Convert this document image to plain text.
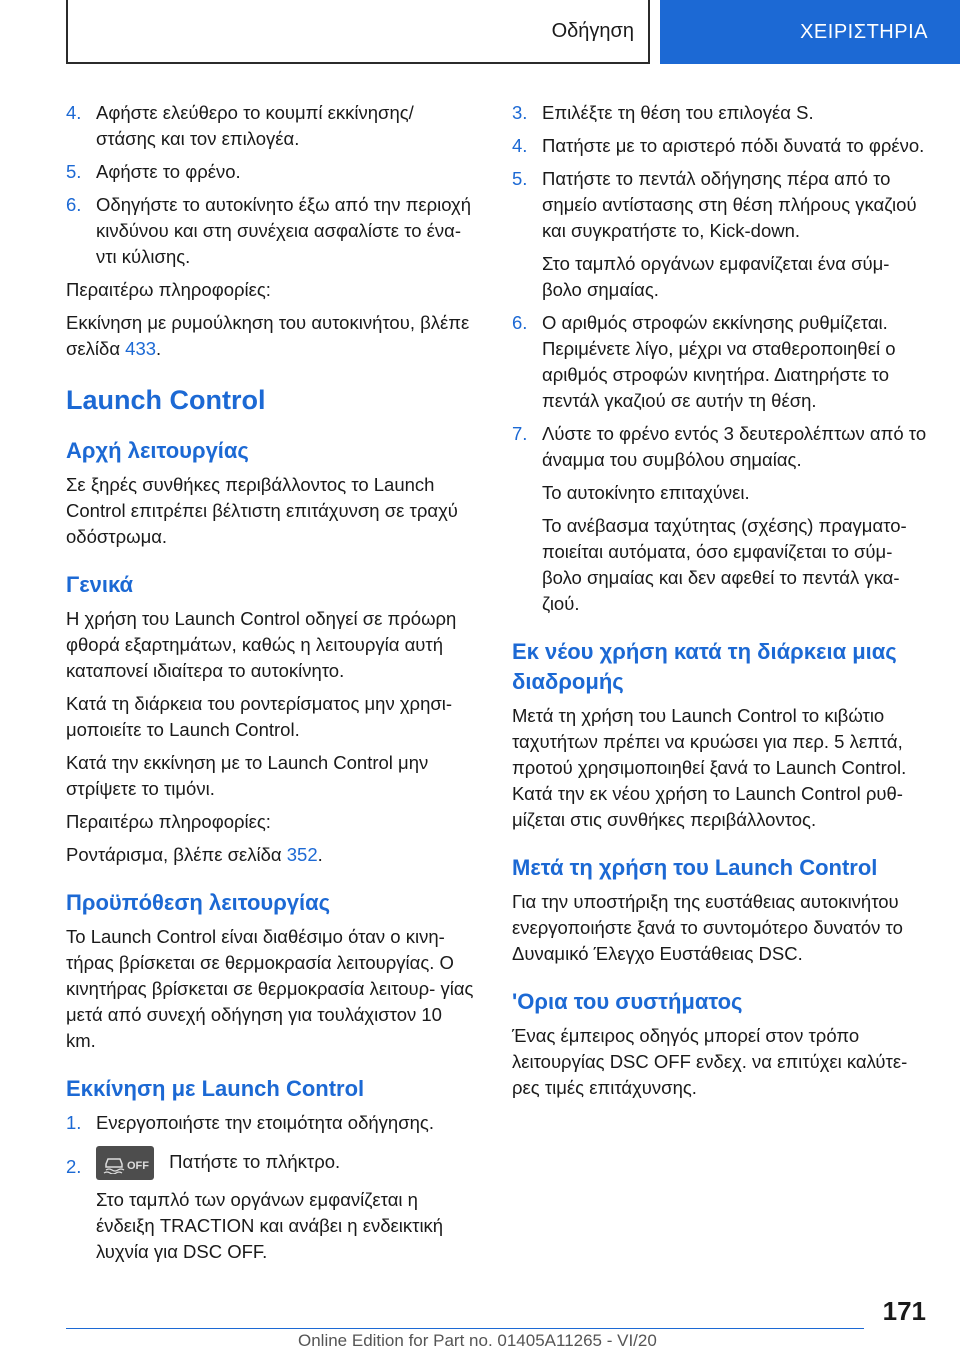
Οδήγηση	ΧΕΙΡΙΣΤΗΡΙΑ
4. Αφήστε ελεύθερο το κουμπί εκκίνησης/ στάσης και τον επιλογέα.
5. Αφήστε το φρένο.
6. Οδηγήστε το αυτοκίνητο έξω από την περιοχή κινδύνου και στη συνέχεια ασφαλίστε το ένα- ντι κύλισης.

Περαιτέρω πληροφορίες:

Εκκίνηση με ρυμούλκηση του αυτοκινήτου, βλέπε σελίδα 433.

Launch Control
Αρχή λειτουργίας

Σε ξηρές συνθήκες περιβάλλοντος το Launch Control επιτρέπει βέλτιστη επιτάχυνση σε τραχύ οδόστρωμα.

Γενικά

Η χρήση του Launch Control οδηγεί σε πρόωρη φθορά εξαρτημάτων, καθώς η λειτουργία αυτή καταπονεί ιδιαίτερα το αυτοκίνητο.

Κατά τη διάρκεια του ροντερίσματος μην χρησι- μοποιείτε το Launch Control.

Κατά την εκκίνηση με το Launch Control μην στρίψετε το τιμόνι.

Περαιτέρω πληροφορίες:

Ροντάρισμα, βλέπε σελίδα 352.

Προϋπόθεση λειτουργίας

Το Launch Control είναι διαθέσιμο όταν ο κινη- τήρας βρίσκεται σε θερμοκρασία λειτουργίας. Ο κινητήρας βρίσκεται σε θερμοκρασία λειτουρ- γίας μετά από συνεχή οδήγηση για τουλάχιστον 10 km.

Εκκίνηση με Launch Control
1. Ενεργοποιήστε την ετοιμότητα οδήγησης.
2.	OFF Πατήστε το πλήκτρο.

Στο ταμπλό των οργάνων εμφανίζεται η ένδειξη TRACTION και ανάβει η ενδεικτική λυχνία για DSC OFF.

3. Επιλέξτε τη θέση του επιλογέα S.
4. Πατήστε με το αριστερό πόδι δυνατά το φρένο.
5. Πατήστε το πεντάλ οδήγησης πέρα από το σημείο αντίστασης στη θέση πλήρους γκαζιού και συγκρατήστε το, Kick-down.

Στο ταμπλό οργάνων εμφανίζεται ένα σύμ- βολο σημαίας.

6. Ο αριθμός στροφών εκκίνησης ρυθμίζεται. Περιμένετε λίγο, μέχρι να σταθεροποιηθεί ο αριθμός στροφών κινητήρα. Διατηρήστε το πεντάλ γκαζιού σε αυτήν τη θέση.
7. Λύστε το φρένο εντός 3 δευτερολέπτων από το άναμμα του συμβόλου σημαίας.

Το αυτοκίνητο επιταχύνει.

Το ανέβασμα ταχύτητας (σχέσης) πραγματο- ποιείται αυτόματα, όσο εμφανίζεται το σύμ- βολο σημαίας και δεν αφεθεί το πεντάλ γκα- ζιού.

Εκ νέου χρήση κατά τη διάρκεια μιας διαδρομής

Μετά τη χρήση του Launch Control το κιβώτιο ταχυτήτων πρέπει να κρυώσει για περ. 5 λεπτά, προτού χρησιμοποιηθεί ξανά το Launch Control. Κατά την εκ νέου χρήση το Launch Control ρυθ- μίζεται στις συνθήκες περιβάλλοντος.

Μετά τη χρήση του Launch Control

Για την υποστήριξη της ευστάθειας αυτοκινήτου ενεργοποιήστε ξανά το συντομότερο δυνατόν το Δυναμικό Έλεγχο Ευστάθειας DSC.

'Ορια του συστήματος

Ένας έμπειρος οδηγός μπορεί στον τρόπο λειτουργίας DSC OFF ενδεχ. να επιτύχει καλύτε- ρες τιμές επιτάχυνσης.

171
Online Edition for Part no. 01405A11265 - VI/20
